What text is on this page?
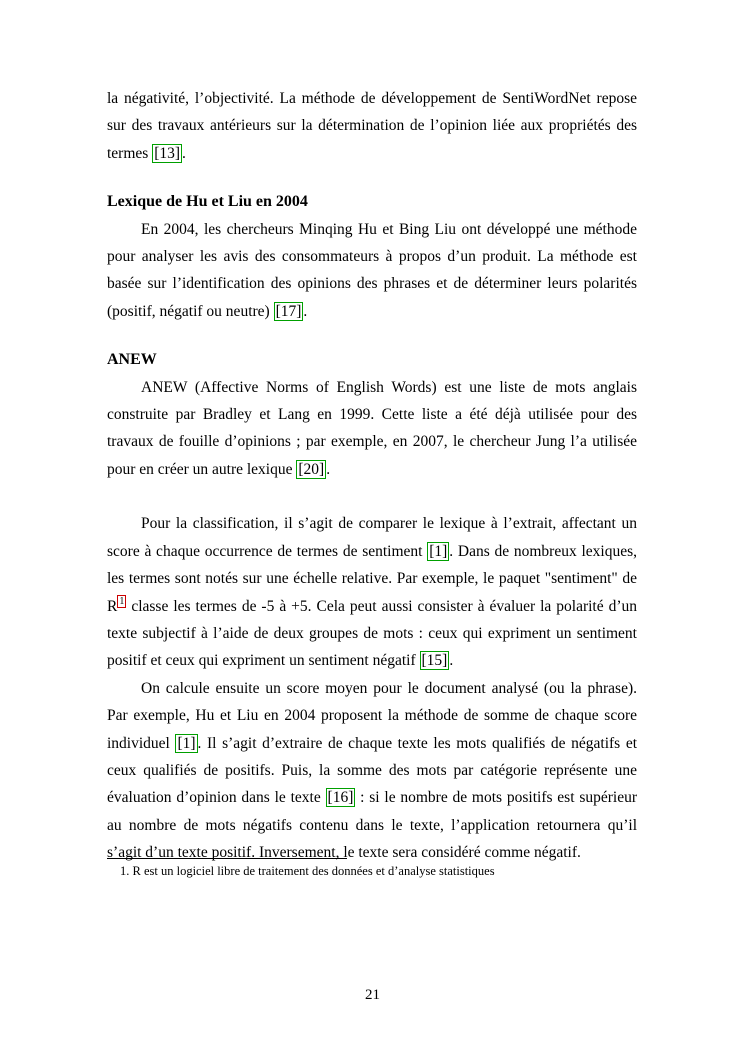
la négativité, l’objectivité. La méthode de développement de SentiWordNet repose sur des travaux antérieurs sur la détermination de l’opinion liée aux propriétés des termes [13] .

Lexique de Hu et Liu en 2004

En 2004, les chercheurs Minqing Hu et Bing Liu ont développé une méthode pour analyser les avis des consommateurs à propos d’un produit. La méthode est basée sur l’identification des opinions des phrases et de déterminer leurs polarités (positif, négatif ou neutre) [17] .

ANEW

ANEW (Affective Norms of English Words) est une liste de mots anglais construite par Bradley et Lang en 1999. Cette liste a été déjà utilisée pour des travaux de fouille d’opinions ; par exemple, en 2007, le chercheur Jung l’a utilisée pour en créer un autre lexique [20] .

Pour la classification, il s’agit de comparer le lexique à l’extrait, affectant un score à chaque occurrence de termes de sentiment [1] . Dans de nombreux lexiques, les termes sont notés sur une échelle relative. Par exemple, le paquet "sentiment" de R $^1$ classe les termes de -5 à +5. Cela peut aussi consister à évaluer la polarité d’un texte subjectif à l’aide de deux groupes de mots : ceux qui expriment un sentiment positif et ceux qui expriment un sentiment négatif [15] .

On calcule ensuite un score moyen pour le document analysé (ou la phrase). Par exemple, Hu et Liu en 2004 proposent la méthode de somme de chaque score individuel [1] . Il s’agit d’extraire de chaque texte les mots qualifiés de négatifs et ceux qualifiés de positifs. Puis, la somme des mots par catégorie représente une évaluation d’opinion dans le texte [16] : si le nombre de mots positifs est supérieur au nombre de mots négatifs contenu dans le texte, l’application retournera qu’il s’agit d’un texte positif. Inversement, le texte sera considéré comme négatif.

1. R est un logiciel libre de traitement des données et d’analyse statistiques
21
